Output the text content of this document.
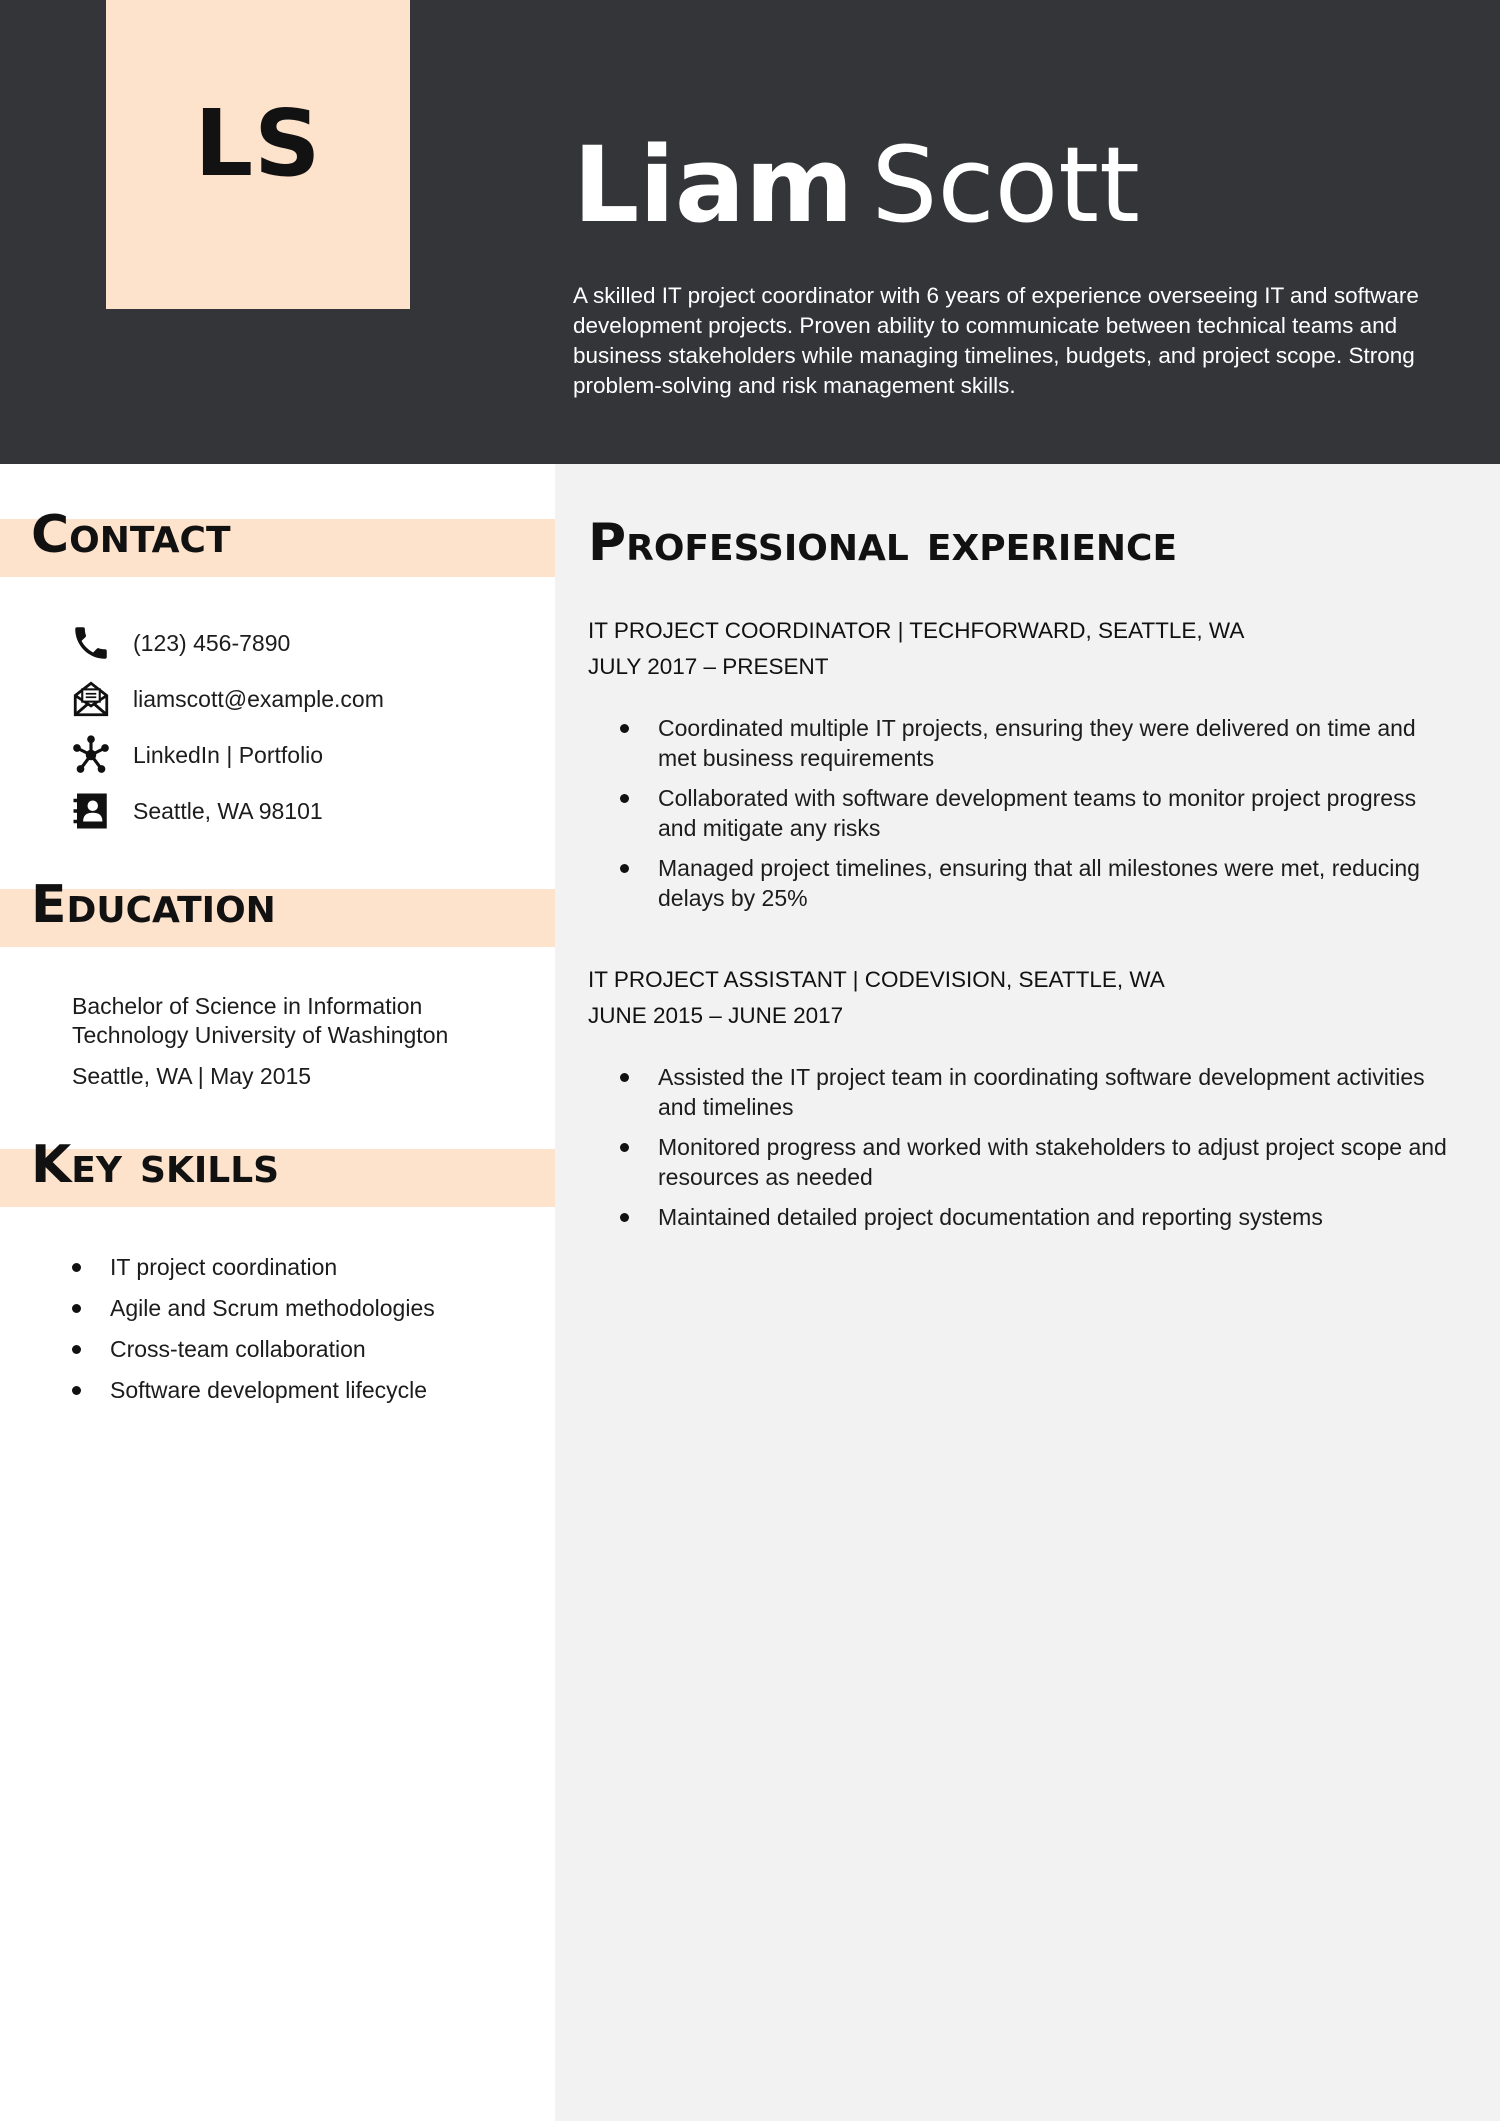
LS Liam Scott

A skilled IT project coordinator with 6 years of experience overseeing IT and software development projects. Proven ability to communicate between technical teams and business stakeholders while managing timelines, budgets, and project scope. Strong problem-solving and risk management skills.

Contact
(123) 456-7890
liamscott@example.com
LinkedIn | Portfolio
Seattle, WA 98101
Education

Bachelor of Science in Information

Technology University of Washington

Seattle, WA | May 2015

Key skills
IT project coordination
Agile and Scrum methodologies
Cross-team collaboration
Software development lifecycle
Professional experience

IT PROJECT COORDINATOR | TECHFORWARD, SEATTLE, WA

JULY 2017 – PRESENT

Coordinated multiple IT projects, ensuring they were delivered on time and met business requirements
Collaborated with software development teams to monitor project progress and mitigate any risks
Managed project timelines, ensuring that all milestones were met, reducing delays by 25%

IT PROJECT ASSISTANT | CODEVISION, SEATTLE, WA

JUNE 2015 – JUNE 2017

Assisted the IT project team in coordinating software development activities and timelines
Monitored progress and worked with stakeholders to adjust project scope and resources as needed
Maintained detailed project documentation and reporting systems
